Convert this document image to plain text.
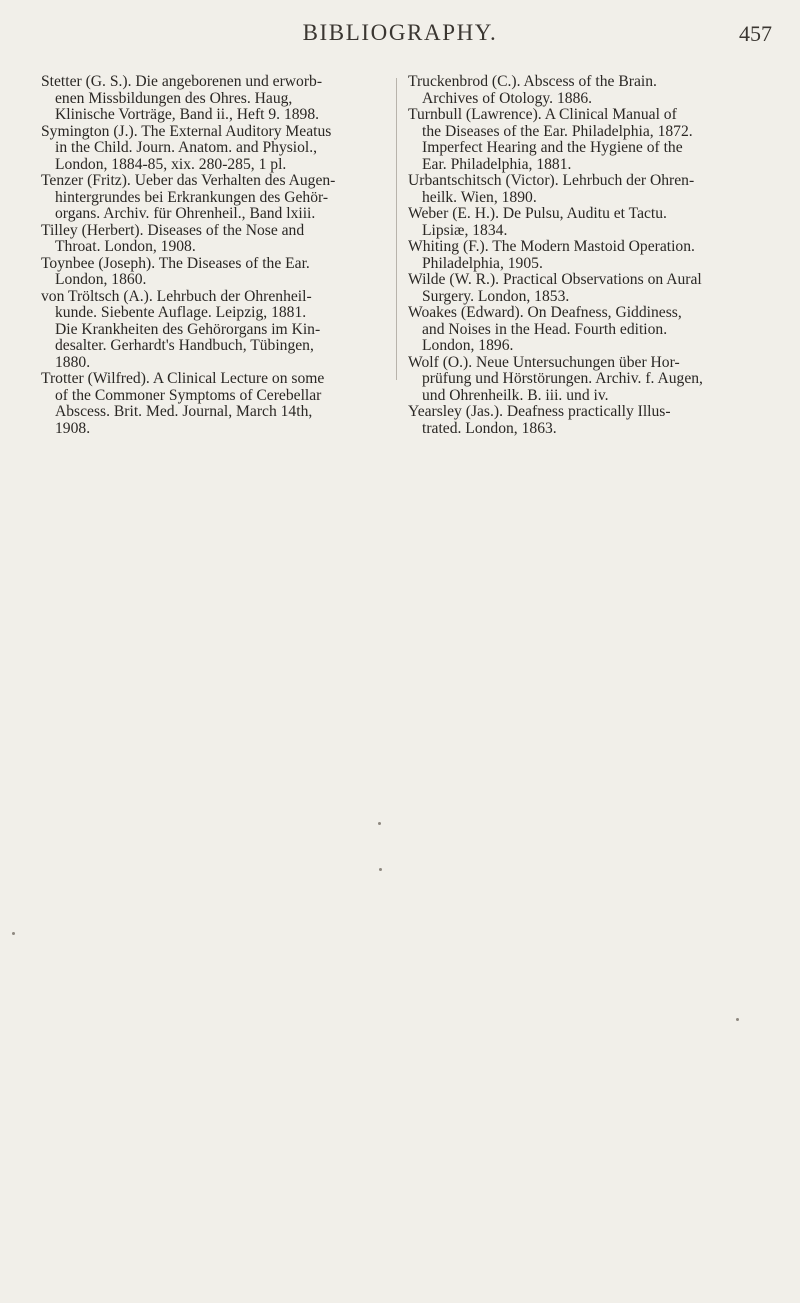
BIBLIOGRAPHY.	457

Stetter (G. S.). Die angeborenen und erworb-
enen Missbildungen des Ohres. Haug,
Klinische Vorträge, Band ii., Heft 9. 1898.

Symington (J.). The External Auditory Meatus
in the Child. Journ. Anatom. and Physiol.,
London, 1884-85, xix. 280-285, 1 pl.

Tenzer (Fritz). Ueber das Verhalten des Augen-
hintergrundes bei Erkrankungen des Gehör-
organs. Archiv. für Ohrenheil., Band lxiii.

Tilley (Herbert). Diseases of the Nose and
Throat. London, 1908.

Toynbee (Joseph). The Diseases of the Ear.
London, 1860.

von Tröltsch (A.). Lehrbuch der Ohrenheil-
kunde. Siebente Auflage. Leipzig, 1881.

Die Krankheiten des Gehörorgans im Kin-
desalter. Gerhardt's Handbuch, Tübingen,
1880.

Trotter (Wilfred). A Clinical Lecture on some
of the Commoner Symptoms of Cerebellar
Abscess. Brit. Med. Journal, March 14th,
1908.

Truckenbrod (C.). Abscess of the Brain.
Archives of Otology. 1886.

Turnbull (Lawrence). A Clinical Manual of
the Diseases of the Ear. Philadelphia, 1872.

Imperfect Hearing and the Hygiene of the
Ear. Philadelphia, 1881.

Urbantschitsch (Victor). Lehrbuch der Ohren-
heilk. Wien, 1890.

Weber (E. H.). De Pulsu, Auditu et Tactu.
Lipsiæ, 1834.

Whiting (F.). The Modern Mastoid Operation.
Philadelphia, 1905.

Wilde (W. R.). Practical Observations on Aural
Surgery. London, 1853.

Woakes (Edward). On Deafness, Giddiness,
and Noises in the Head. Fourth edition.
London, 1896.

Wolf (O.). Neue Untersuchungen über Hor-
prüfung und Hörstörungen. Archiv. f. Augen,
und Ohrenheilk. B. iii. und iv.

Yearsley (Jas.). Deafness practically Illus-
trated. London, 1863.
